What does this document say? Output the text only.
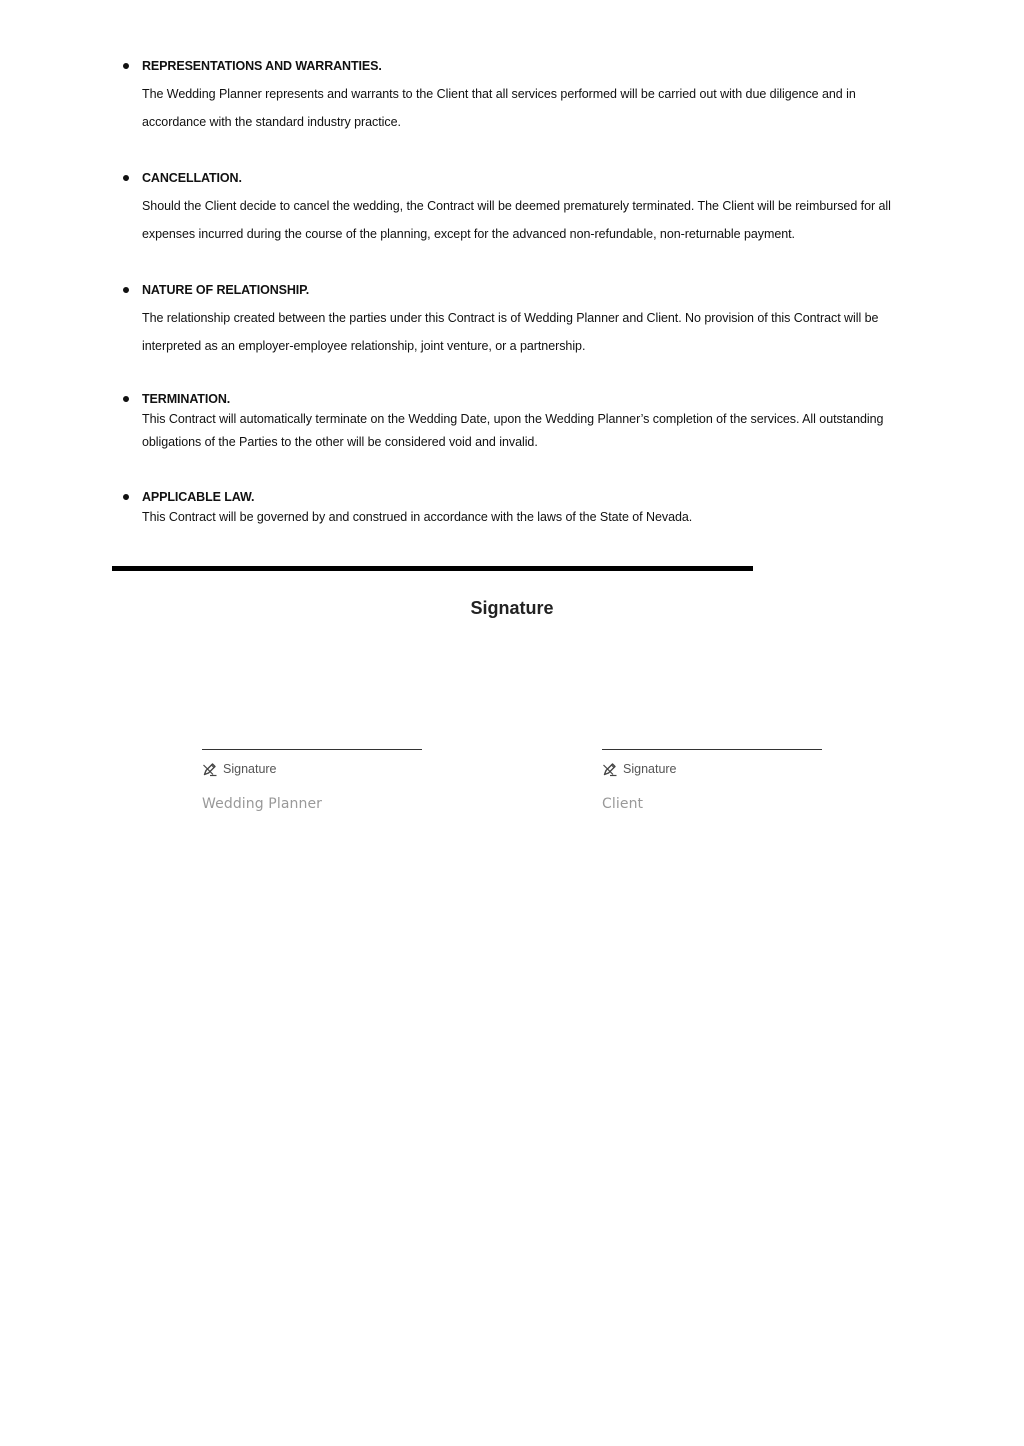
REPRESENTATIONS AND WARRANTIES.
The Wedding Planner represents and warrants to the Client that all services performed will be carried out with due diligence and in accordance with the standard industry practice.
CANCELLATION.
Should the Client decide to cancel the wedding, the Contract will be deemed prematurely terminated. The Client will be reimbursed for all expenses incurred during the course of the planning, except for the advanced non-refundable, non-returnable payment.
NATURE OF RELATIONSHIP.
The relationship created between the parties under this Contract is of Wedding Planner and Client. No provision of this Contract will be interpreted as an employer-employee relationship, joint venture, or a partnership.
TERMINATION.
This Contract will automatically terminate on the Wedding Date, upon the Wedding Planner’s completion of the services. All outstanding obligations of the Parties to the other will be considered void and invalid.
APPLICABLE LAW.
This Contract will be governed by and construed in accordance with the laws of the State of Nevada.
Signature
Signature
Wedding Planner
Signature
Client
